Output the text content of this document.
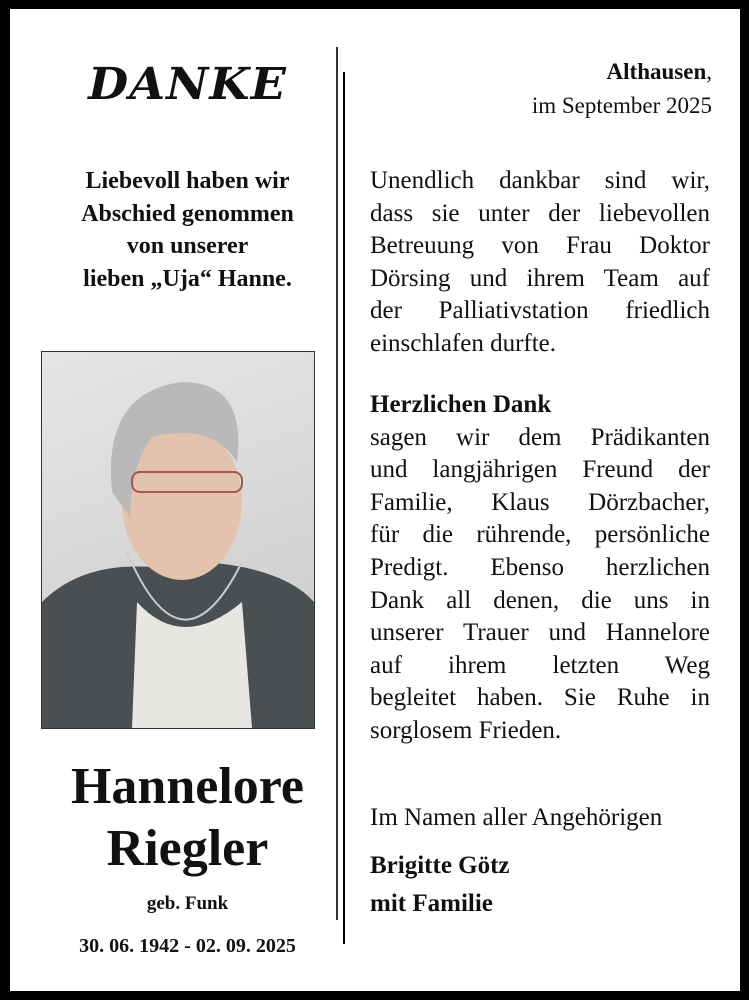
DANKE
Liebevoll haben wir
Abschied genommen
von unserer
lieben „Uja“ Hanne.
Hannelore
Riegler
geb. Funk
30. 06. 1942 - 02. 09. 2025
Althausen,
im September 2025
Unendlich dankbar sind wir,
dass sie unter der liebevollen
Betreuung von Frau Doktor
Dörsing und ihrem Team auf
der Palliativstation friedlich
einschlafen durfte.
Herzlichen Dank
sagen wir dem Prädikanten
und langjährigen Freund der
Familie, Klaus Dörzbacher,
für die rührende, persönliche
Predigt. Ebenso herzlichen
Dank all denen, die uns in
unserer Trauer und Hannelore
auf ihrem letzten Weg
begleitet haben. Sie Ruhe in
sorglosem Frieden.
Im Namen aller Angehörigen
Brigitte Götz
mit Familie
